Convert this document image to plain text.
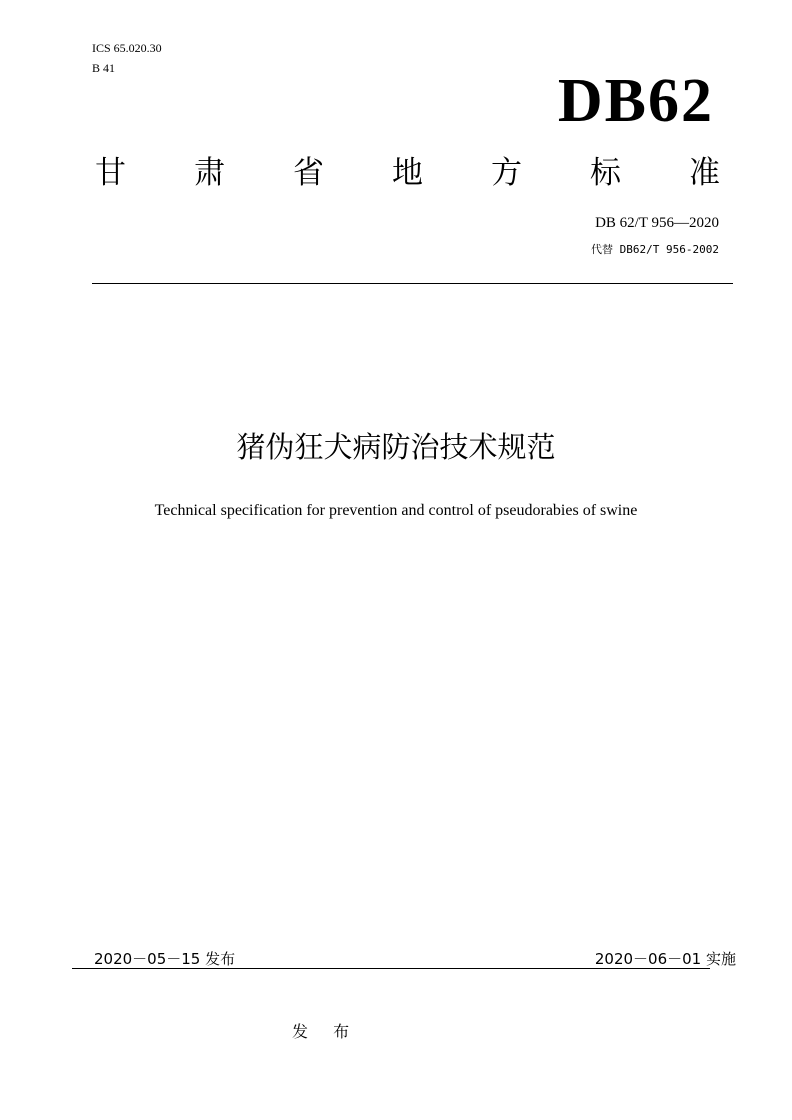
ICS 65.020.30
B 41	DB62
甘 肃 省 地 方 标 准
DB 62/T 956—2020
代替 DB62/T 956-2002
猪伪狂犬病防治技术规范
Technical specification for prevention and control of pseudorabies of swine
2020－05－15 发布	2020－06－01 实施
发 布
